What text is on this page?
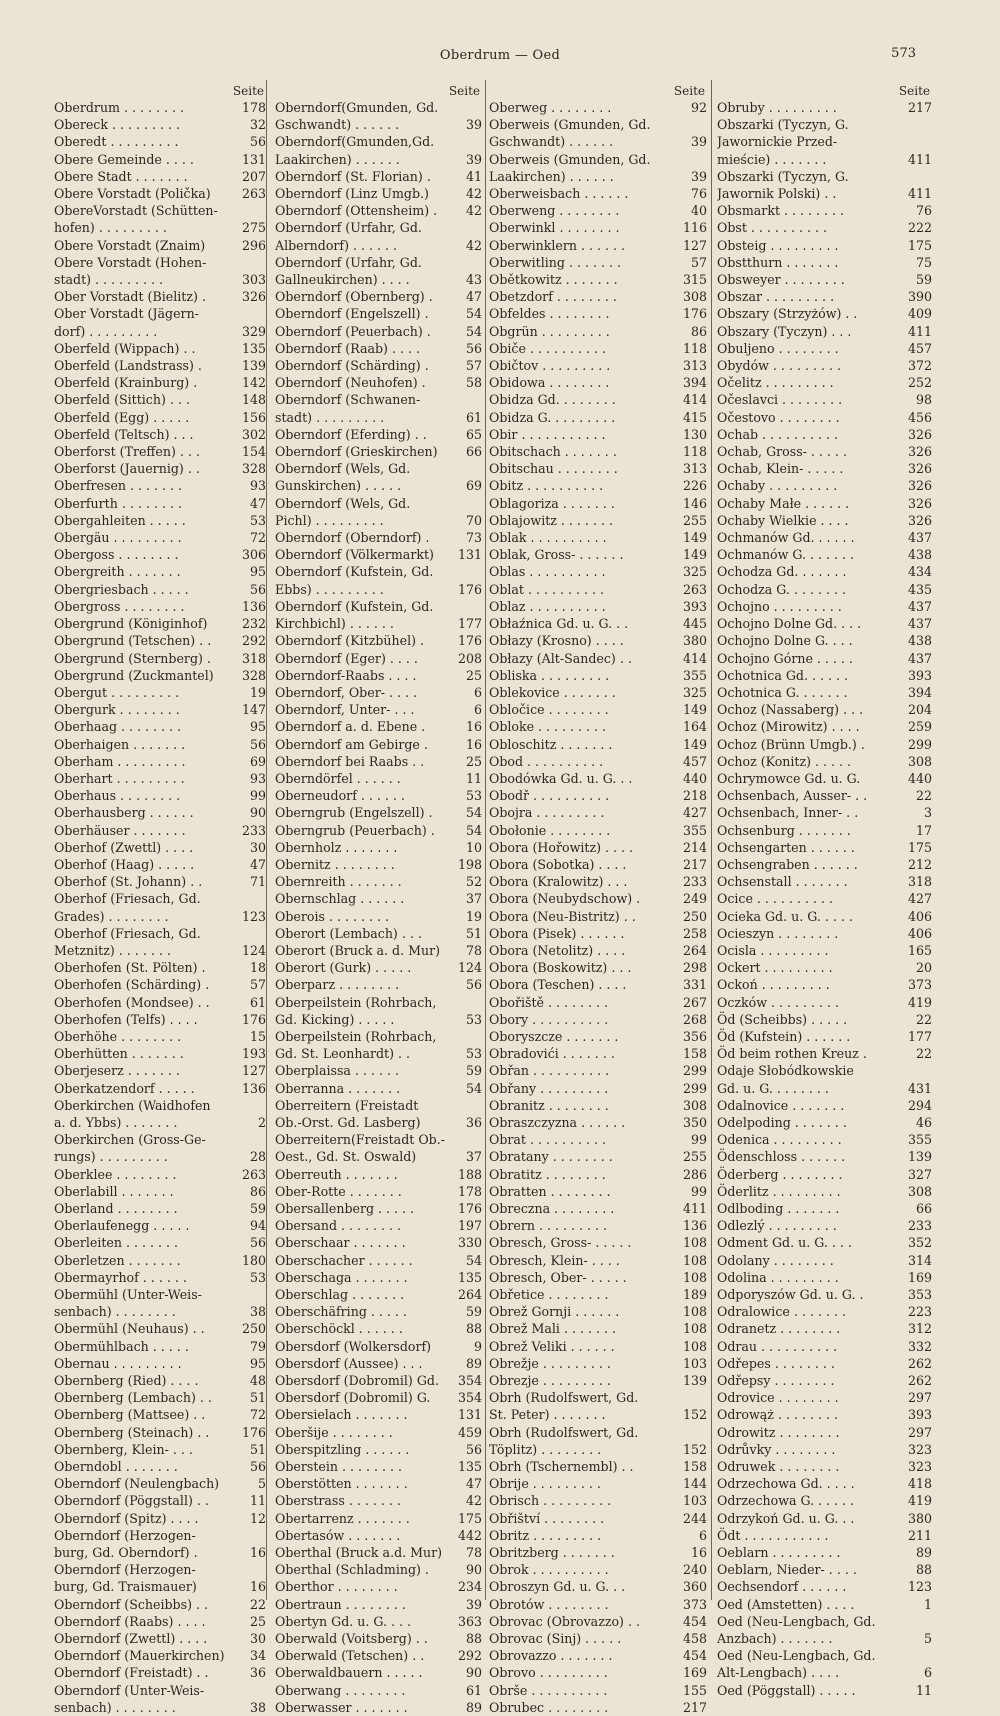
Oberdrum — Oed	573
Seite
Oberdrum . . . . . . . .	178
Obereck . . . . . . . . .	32
Oberedt . . . . . . . . .	56
Obere Gemeinde . . . .	131
Obere Stadt . . . . . . .	207
Obere Vorstadt (Polička)	263
ObereVorstadt (Schütten-
hofen) . . . . . . . . .	275
Obere Vorstadt (Znaim)	296
Obere Vorstadt (Hohen-
stadt) . . . . . . . . .	303
Ober Vorstadt (Bielitz) .	326
Ober Vorstadt (Jägern-
dorf) . . . . . . . . .	329
Oberfeld (Wippach) . .	135
Oberfeld (Landstrass) .	139
Oberfeld (Krainburg) .	142
Oberfeld (Sittich) . . .	148
Oberfeld (Egg) . . . . .	156
Oberfeld (Teltsch) . . .	302
Oberforst (Treffen) . . .	154
Oberforst (Jauernig) . .	328
Oberfresen . . . . . . .	93
Oberfurth . . . . . . . .	47
Obergahleiten . . . . .	53
Obergäu . . . . . . . . .	72
Obergoss . . . . . . . .	306
Obergreith . . . . . . .	95
Obergriesbach . . . . .	56
Obergross . . . . . . . .	136
Obergrund (Königinhof)	232
Obergrund (Tetschen) . .	292
Obergrund (Sternberg) .	318
Obergrund (Zuckmantel)	328
Obergut . . . . . . . . .	19
Obergurk . . . . . . . .	147
Oberhaag . . . . . . . .	95
Oberhaigen . . . . . . .	56
Oberham . . . . . . . . .	69
Oberhart . . . . . . . . .	93
Oberhaus . . . . . . . .	99
Oberhausberg . . . . . .	90
Oberhäuser . . . . . . .	233
Oberhof (Zwettl) . . . .	30
Oberhof (Haag) . . . . .	47
Oberhof (St. Johann) . .	71
Oberhof (Friesach, Gd.
Grades) . . . . . . . .	123
Oberhof (Friesach, Gd.
Metznitz) . . . . . . .	124
Oberhofen (St. Pölten) .	18
Oberhofen (Schärding) .	57
Oberhofen (Mondsee) . .	61
Oberhofen (Telfs) . . . .	176
Oberhöhe . . . . . . . .	15
Oberhütten . . . . . . .	193
Oberjeserz . . . . . . .	127
Oberkatzendorf . . . . .	136
Oberkirchen (Waidhofen
a. d. Ybbs) . . . . . . .	2
Oberkirchen (Gross-Ge-
rungs) . . . . . . . . .	28
Oberklee . . . . . . . .	263
Oberlabill . . . . . . .	86
Oberland . . . . . . . .	59
Oberlaufenegg . . . . .	94
Oberleiten . . . . . . .	56
Oberletzen . . . . . . .	180
Obermayrhof . . . . . .	53
Obermühl (Unter-Weis-
senbach) . . . . . . . .	38
Obermühl (Neuhaus) . .	250
Obermühlbach . . . . .	79
Obernau . . . . . . . . .	95
Obernberg (Ried) . . . .	48
Obernberg (Lembach) . .	51
Obernberg (Mattsee) . .	72
Obernberg (Steinach) . .	176
Obernberg, Klein- . . .	51
Oberndobl . . . . . . .	56
Oberndorf (Neulengbach)	5
Oberndorf (Pöggstall) . .	11
Oberndorf (Spitz) . . . .	12
Oberndorf (Herzogen-
burg, Gd. Oberndorf) .	16
Oberndorf (Herzogen-
burg, Gd. Traismauer)	16
Oberndorf (Scheibbs) . .	22
Oberndorf (Raabs) . . . .	25
Oberndorf (Zwettl) . . . .	30
Oberndorf (Mauerkirchen)	34
Oberndorf (Freistadt) . .	36
Oberndorf (Unter-Weis-
senbach) . . . . . . . .	38
Seite
Oberndorf(Gmunden, Gd.
Gschwandt) . . . . . .	39
Oberndorf(Gmunden,Gd.
Laakirchen) . . . . . .	39
Oberndorf (St. Florian) .	41
Oberndorf (Linz Umgb.)	42
Oberndorf (Ottensheim) .	42
Oberndorf (Urfahr, Gd.
Alberndorf) . . . . . .	42
Oberndorf (Urfahr, Gd.
Gallneukirchen) . . . .	43
Oberndorf (Obernberg) .	47
Oberndorf (Engelszell) .	54
Oberndorf (Peuerbach) .	54
Oberndorf (Raab) . . . .	56
Oberndorf (Schärding) .	57
Oberndorf (Neuhofen) .	58
Oberndorf (Schwanen-
stadt) . . . . . . . . .	61
Oberndorf (Eferding) . .	65
Oberndorf (Grieskirchen)	66
Oberndorf (Wels, Gd.
Gunskirchen) . . . . .	69
Oberndorf (Wels, Gd.
Pichl) . . . . . . . . .	70
Oberndorf (Oberndorf) .	73
Oberndorf (Völkermarkt)	131
Oberndorf (Kufstein, Gd.
Ebbs) . . . . . . . . .	176
Oberndorf (Kufstein, Gd.
Kirchbichl) . . . . . .	177
Oberndorf (Kitzbühel) .	176
Oberndorf (Eger) . . . .	208
Oberndorf-Raabs . . . .	25
Oberndorf, Ober- . . . .	6
Oberndorf, Unter- . . .	6
Oberndorf a. d. Ebene .	16
Oberndorf am Gebirge .	16
Oberndorf bei Raabs . .	25
Oberndörfel . . . . . .	11
Oberneudorf . . . . . .	53
Oberngrub (Engelszell) .	54
Oberngrub (Peuerbach) .	54
Obernholz . . . . . . .	10
Obernitz . . . . . . . .	198
Obernreith . . . . . . .	52
Obernschlag . . . . . .	37
Oberois . . . . . . . .	19
Oberort (Lembach) . . .	51
Oberort (Bruck a. d. Mur)	78
Oberort (Gurk) . . . . .	124
Oberparz . . . . . . . .	56
Oberpeilstein (Rohrbach,
Gd. Kicking) . . . . .	53
Oberpeilstein (Rohrbach,
Gd. St. Leonhardt) . .	53
Oberplaissa . . . . . .	59
Oberranna . . . . . . .	54
Oberreitern (Freistadt
Ob.-Orst. Gd. Lasberg)	36
Oberreitern(Freistadt Ob.-
Oest., Gd. St. Oswald)	37
Oberreuth . . . . . . .	188
Ober-Rotte . . . . . . .	178
Obersallenberg . . . . .	176
Obersand . . . . . . . .	197
Oberschaar . . . . . . .	330
Oberschacher . . . . . .	54
Oberschaga . . . . . . .	135
Oberschlag . . . . . . .	264
Oberschäfring . . . . .	59
Oberschöckl . . . . . .	88
Obersdorf (Wolkersdorf)	9
Obersdorf (Aussee) . . .	89
Obersdorf (Dobromil) Gd.	354
Obersdorf (Dobromil) G.	354
Obersielach . . . . . . .	131
Oberšije . . . . . . . .	459
Oberspitzling . . . . . .	56
Oberstein . . . . . . . .	135
Oberstötten . . . . . . .	47
Oberstrass . . . . . . .	42
Obertarrenz . . . . . . .	175
Obertasów . . . . . . .	442
Oberthal (Bruck a.d. Mur)	78
Oberthal (Schladming) .	90
Oberthor . . . . . . . .	234
Obertraun . . . . . . . .	39
Obertyn Gd. u. G. . . .	363
Oberwald (Voitsberg) . .	88
Oberwald (Tetschen) . .	292
Oberwaldbauern . . . . .	90
Oberwang . . . . . . . .	61
Oberwasser . . . . . . .	89
Seite
Oberweg . . . . . . . .	92
Oberweis (Gmunden, Gd.
Gschwandt) . . . . . .	39
Oberweis (Gmunden, Gd.
Laakirchen) . . . . . .	39
Oberweisbach . . . . . .	76
Oberweng . . . . . . . .	40
Oberwinkl . . . . . . . .	116
Oberwinklern . . . . . .	127
Oberwitling . . . . . . .	57
Obětkowitz . . . . . . .	315
Obetzdorf . . . . . . . .	308
Obfeldes . . . . . . . .	176
Obgrün . . . . . . . . .	86
Običe . . . . . . . . . .	118
Običtov . . . . . . . . .	313
Obidowa . . . . . . . .	394
Obidza Gd. . . . . . . .	414
Obidza G. . . . . . . . .	415
Obir . . . . . . . . . . .	130
Obitschach . . . . . . .	118
Obitschau . . . . . . . .	313
Obitz . . . . . . . . . .	226
Oblagoriza . . . . . . .	146
Oblajowitz . . . . . . .	255
Oblak . . . . . . . . . .	149
Oblak, Gross- . . . . . .	149
Oblas . . . . . . . . . .	325
Oblat . . . . . . . . . .	263
Oblaz . . . . . . . . . .	393
Obłaźnica Gd. u. G. . .	445
Obłazy (Krosno) . . . .	380
Obłazy (Alt-Sandec) . .	414
Obliska . . . . . . . . .	355
Oblekovice . . . . . . .	325
Obločice . . . . . . . .	149
Obloke . . . . . . . . .	164
Obloschitz . . . . . . .	149
Obod . . . . . . . . . .	457
Obodówka Gd. u. G. . .	440
Obodř . . . . . . . . . .	218
Obojra . . . . . . . . .	427
Obołonie . . . . . . . .	355
Obora (Hořowitz) . . . .	214
Obora (Sobotka) . . . .	217
Obora (Kralowitz) . . .	233
Obora (Neubydschow) .	249
Obora (Neu-Bistritz) . .	250
Obora (Pisek) . . . . . .	258
Obora (Netolitz) . . . .	264
Obora (Boskowitz) . . .	298
Obora (Teschen) . . . .	331
Obořiště . . . . . . . .	267
Obory . . . . . . . . . .	268
Oboryszcze . . . . . . .	356
Obradovići . . . . . . .	158
Obřan . . . . . . . . . .	299
Obřany . . . . . . . . .	299
Obranitz . . . . . . . .	308
Obraszczyzna . . . . . .	350
Obrat . . . . . . . . . .	99
Obratany . . . . . . . .	255
Obratitz . . . . . . . .	286
Obratten . . . . . . . .	99
Obreczna . . . . . . . .	411
Obrern . . . . . . . . .	136
Obresch, Gross- . . . . .	108
Obresch, Klein- . . . .	108
Obresch, Ober- . . . . .	108
Obřetice . . . . . . . .	189
Obrež Gornji . . . . . .	108
Obrež Mali . . . . . . .	108
Obrež Veliki . . . . . .	108
Obrežje . . . . . . . . .	103
Obrezje . . . . . . . . .	139
Obrh (Rudolfswert, Gd.
St. Peter) . . . . . . .	152
Obrh (Rudolfswert, Gd.
Töplitz) . . . . . . . .	152
Obrh (Tschernembl) . .	158
Obrije . . . . . . . . .	144
Obrisch . . . . . . . . .	103
Obřištví . . . . . . . .	244
Obritz . . . . . . . . .	6
Obritzberg . . . . . . .	16
Obrok . . . . . . . . . .	240
Obroszyn Gd. u. G. . .	360
Obrotów . . . . . . . .	373
Obrovac (Obrovazzo) . .	454
Obrovac (Sinj) . . . . .	458
Obrovazzo . . . . . . .	454
Obrovo . . . . . . . . .	169
Obrše . . . . . . . . . .	155
Obrubec . . . . . . . .	217
Seite
Obruby . . . . . . . . .	217
Obszarki (Tyczyn, G.
Jawornickie Przed-
mieście) . . . . . . .	411
Obszarki (Tyczyn, G.
Jawornik Polski) . .	411
Obsmarkt . . . . . . . .	76
Obst . . . . . . . . . .	222
Obsteig . . . . . . . . .	175
Obstthurn . . . . . . .	75
Obsweyer . . . . . . . .	59
Obszar . . . . . . . . .	390
Obszary (Strzyżów) . .	409
Obszary (Tyczyn) . . .	411
Obuljeno . . . . . . . .	457
Obydów . . . . . . . . .	372
Očelitz . . . . . . . . .	252
Očeslavci . . . . . . . .	98
Očestovo . . . . . . . .	456
Ochab . . . . . . . . . .	326
Ochab, Gross- . . . . .	326
Ochab, Klein- . . . . .	326
Ochaby . . . . . . . . .	326
Ochaby Małe . . . . . .	326
Ochaby Wielkie . . . .	326
Ochmanów Gd. . . . . .	437
Ochmanów G. . . . . . .	438
Ochodza Gd. . . . . . .	434
Ochodza G. . . . . . . .	435
Ochojno . . . . . . . . .	437
Ochojno Dolne Gd. . . .	437
Ochojno Dolne G. . . .	438
Ochojno Górne . . . . .	437
Ochotnica Gd. . . . . .	393
Ochotnica G. . . . . . .	394
Ochoz (Nassaberg) . . .	204
Ochoz (Mirowitz) . . . .	259
Ochoz (Brünn Umgb.) .	299
Ochoz (Konitz) . . . . .	308
Ochrymowce Gd. u. G.	440
Ochsenbach, Ausser- . .	22
Ochsenbach, Inner- . .	3
Ochsenburg . . . . . . .	17
Ochsengarten . . . . . .	175
Ochsengraben . . . . . .	212
Ochsenstall . . . . . . .	318
Ocice . . . . . . . . . .	427
Ocieka Gd. u. G. . . . .	406
Ocieszyn . . . . . . . .	406
Ocisla . . . . . . . . .	165
Ockert . . . . . . . . .	20
Ockoń . . . . . . . . .	373
Oczków . . . . . . . . .	419
Öd (Scheibbs) . . . . .	22
Öd (Kufstein) . . . . . .	177
Öd beim rothen Kreuz .	22
Odaje Słobódkowskie
Gd. u. G. . . . . . . .	431
Odalnovice . . . . . . .	294
Odelpoding . . . . . . .	46
Odenica . . . . . . . . .	355
Ödenschloss . . . . . .	139
Öderberg . . . . . . . .	327
Öderlitz . . . . . . . . .	308
Odlboding . . . . . . .	66
Odlezlý . . . . . . . . .	233
Odment Gd. u. G. . . .	352
Odolany . . . . . . . .	314
Odolina . . . . . . . . .	169
Odporyszów Gd. u. G. .	353
Odralowice . . . . . . .	223
Odranetz . . . . . . . .	312
Odrau . . . . . . . . . .	332
Odřepes . . . . . . . .	262
Odřepsy . . . . . . . .	262
Odrovice . . . . . . . .	297
Odrowąż . . . . . . . .	393
Odrowitz . . . . . . . .	297
Odrůvky . . . . . . . .	323
Odruwek . . . . . . . .	323
Odrzechowa Gd. . . . .	418
Odrzechowa G. . . . . .	419
Odrzykoń Gd. u. G. . .	380
Ödt . . . . . . . . . . .	211
Oeblarn . . . . . . . . .	89
Oeblarn, Nieder- . . . .	88
Oechsendorf . . . . . .	123
Oed (Amstetten) . . . .	1
Oed (Neu-Lengbach, Gd.
Anzbach) . . . . . . .	5
Oed (Neu-Lengbach, Gd.
Alt-Lengbach) . . . .	6
Oed (Pöggstall) . . . . .	11
